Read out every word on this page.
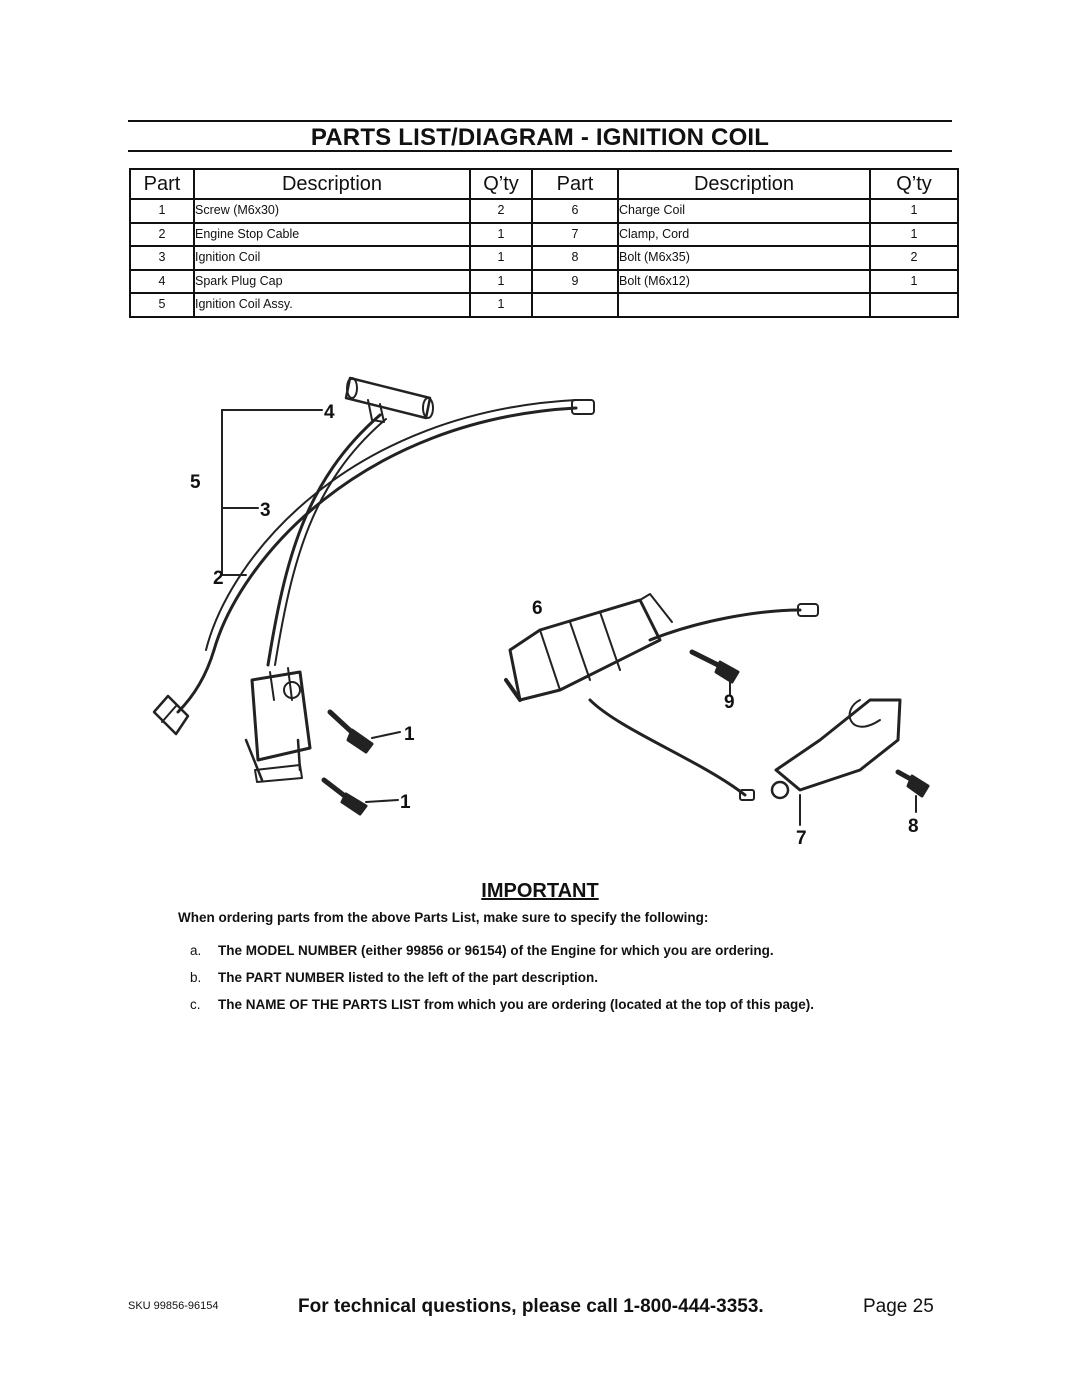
PARTS LIST/DIAGRAM - IGNITION COIL
Part	Description	Q’ty	Part	Description	Q’ty
1	Screw (M6x30)	2	6	Charge Coil	1
2	Engine Stop Cable	1	7	Clamp, Cord	1
3	Ignition Coil	1	8	Bolt (M6x35)	2
4	Spark Plug Cap	1	9	Bolt (M6x12)	1
5	Ignition Coil Assy.	1			
1
1
2
3
4
5
6
7
8
9
IMPORTANT
When ordering parts from the above Parts List, make sure to specify the following:
a. The MODEL NUMBER (either 99856 or 96154) of the Engine for which you are ordering.
b. The PART NUMBER listed to the left of the part description.
c. The NAME OF THE PARTS LIST from which you are ordering (located at the top of this page).
SKU 99856-96154	For technical questions, please call 1-800-444-3353.	Page 25
